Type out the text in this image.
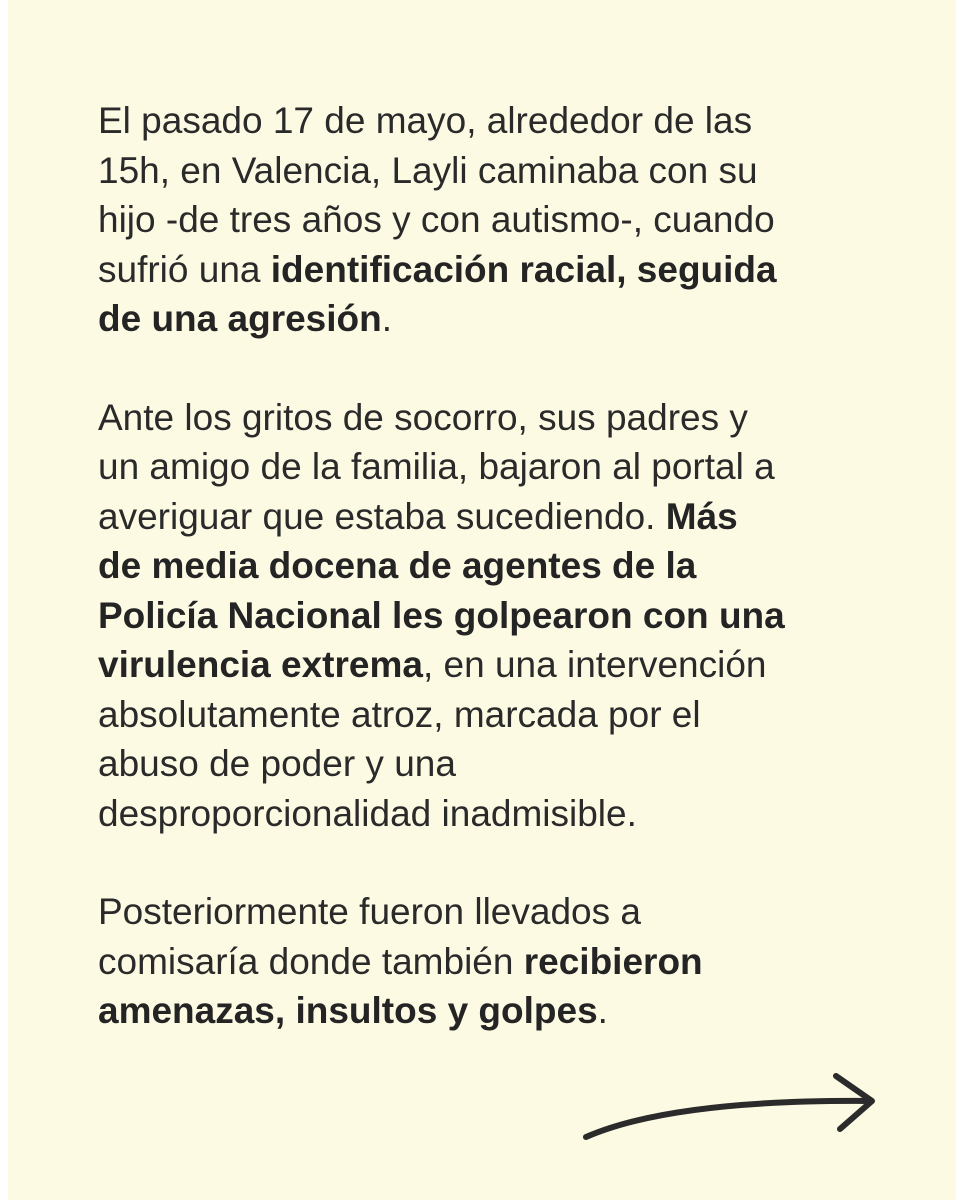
El pasado 17 de mayo, alrededor de las
15h, en Valencia, Layli caminaba con su
hijo -de tres años y con autismo-, cuando
sufrió una identificación racial, seguida
de una agresión.

Ante los gritos de socorro, sus padres y
un amigo de la familia, bajaron al portal a
averiguar que estaba sucediendo. Más
de media docena de agentes de la
Policía Nacional les golpearon con una
virulencia extrema, en una intervención
absolutamente atroz, marcada por el
abuso de poder y una
desproporcionalidad inadmisible.

Posteriormente fueron llevados a
comisaría donde también recibieron
amenazas, insultos y golpes.
